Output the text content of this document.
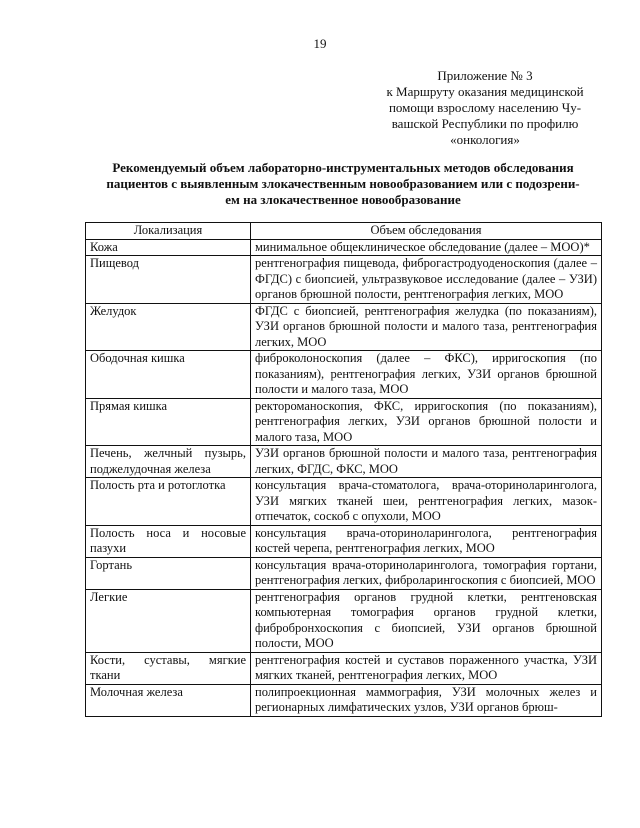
19
Приложение № 3
к Маршруту оказания медицинской
помощи взрослому населению Чу-
вашской Республики по профилю
«онкология»
Рекомендуемый объем лабораторно-инструментальных методов обследования
пациентов с выявленным злокачественным новообразованием или с подозрени-
ем на злокачественное новообразование
Локализация	Объем обследования
Кожа	минимальное общеклиническое обследование (далее – МОО)*
Пищевод	рентгенография пищевода, фиброгастродуоденоскопия (далее – ФГДС) с биопсией, ультразвуковое исследование (далее – УЗИ) органов брюшной полости, рентгенография легких, МОО
Желудок	ФГДС с биопсией, рентгенография желудка (по показаниям), УЗИ органов брюшной полости и малого таза, рентгенография легких, МОО
Ободочная кишка	фиброколоноскопия (далее – ФКС), ирригоскопия (по показаниям), рентгенография легких, УЗИ органов брюшной полости и малого таза, МОО
Прямая кишка	ректороманоскопия, ФКС, ирригоскопия (по показаниям), рентгенография легких, УЗИ органов брюшной полости и малого таза, МОО
Печень, желчный пузырь, поджелудочная железа	УЗИ органов брюшной полости и малого таза, рентгенография легких, ФГДС, ФКС, МОО
Полость рта и ротоглотка	консультация врача-стоматолога, врача-оториноларинголога, УЗИ мягких тканей шеи, рентгенография легких, мазок-отпечаток, соскоб с опухоли, МОО
Полость носа и носовые пазухи	консультация врача-оториноларинголога, рентгенография костей черепа, рентгенография легких, МОО
Гортань	консультация врача-оториноларинголога, томография гортани, рентгенография легких, фиброларингоскопия с биопсией, МОО
Легкие	рентгенография органов грудной клетки, рентгеновская компьютерная томография органов грудной клетки, фибробронхоскопия с биопсией, УЗИ органов брюшной полости, МОО
Кости, суставы, мягкие ткани	рентгенография костей и суставов пораженного участка, УЗИ мягких тканей, рентгенография легких, МОО
Молочная железа	полипроекционная маммография, УЗИ молочных желез и регионарных лимфатических узлов, УЗИ органов брюш-
